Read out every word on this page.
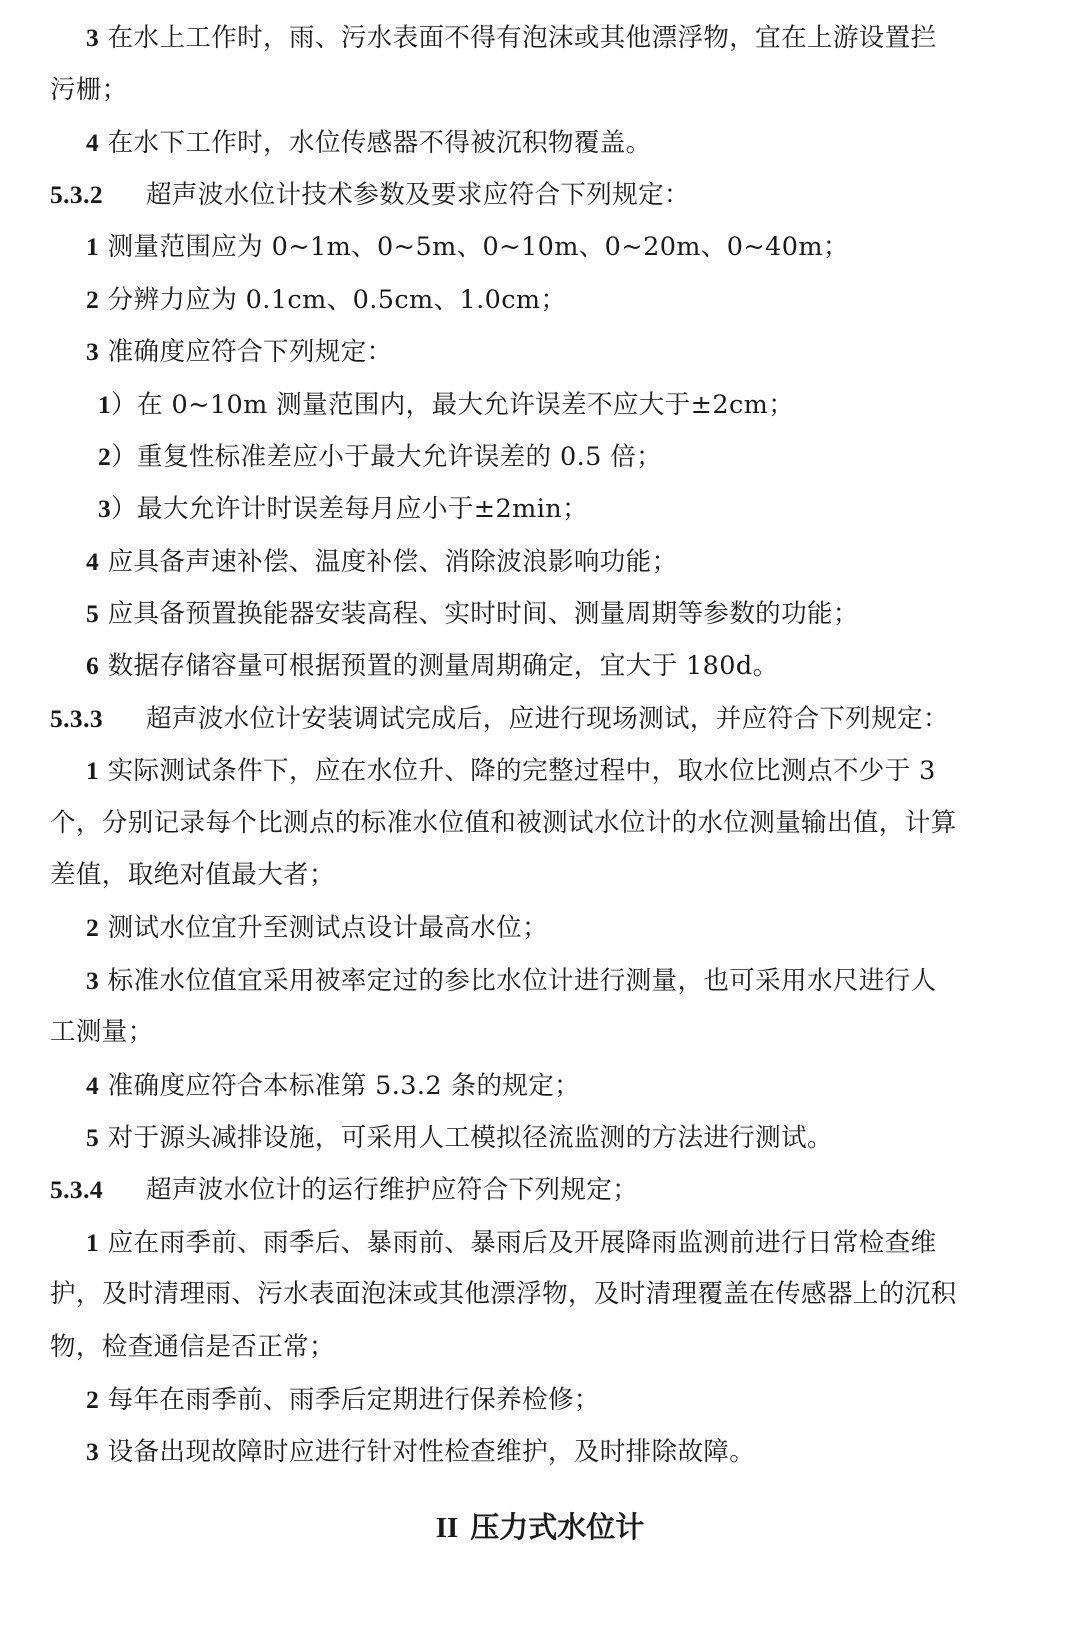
3 在水上工作时，雨、污水表面不得有泡沫或其他漂浮物，宜在上游设置拦
污栅；
4 在水下工作时，水位传感器不得被沉积物覆盖。
5.3.2 超声波水位计技术参数及要求应符合下列规定：
1 测量范围应为 0~1m、0~5m、0~10m、0~20m、0~40m；
2 分辨力应为 0.1cm、0.5cm、1.0cm；
3 准确度应符合下列规定：
1）在 0~10m 测量范围内，最大允许误差不应大于±2cm；
2）重复性标准差应小于最大允许误差的 0.5 倍；
3）最大允许计时误差每月应小于±2min；
4 应具备声速补偿、温度补偿、消除波浪影响功能；
5 应具备预置换能器安装高程、实时时间、测量周期等参数的功能；
6 数据存储容量可根据预置的测量周期确定，宜大于 180d。
5.3.3 超声波水位计安装调试完成后，应进行现场测试，并应符合下列规定：
1 实际测试条件下，应在水位升、降的完整过程中，取水位比测点不少于 3
个，分别记录每个比测点的标准水位值和被测试水位计的水位测量输出值，计算
差值，取绝对值最大者；
2 测试水位宜升至测试点设计最高水位；
3 标准水位值宜采用被率定过的参比水位计进行测量，也可采用水尺进行人
工测量；
4 准确度应符合本标准第 5.3.2 条的规定；
5 对于源头减排设施，可采用人工模拟径流监测的方法进行测试。
5.3.4 超声波水位计的运行维护应符合下列规定；
1 应在雨季前、雨季后、暴雨前、暴雨后及开展降雨监测前进行日常检查维
护，及时清理雨、污水表面泡沫或其他漂浮物，及时清理覆盖在传感器上的沉积
物，检查通信是否正常；
2 每年在雨季前、雨季后定期进行保养检修；
3 设备出现故障时应进行针对性检查维护，及时排除故障。
II 压力式水位计
